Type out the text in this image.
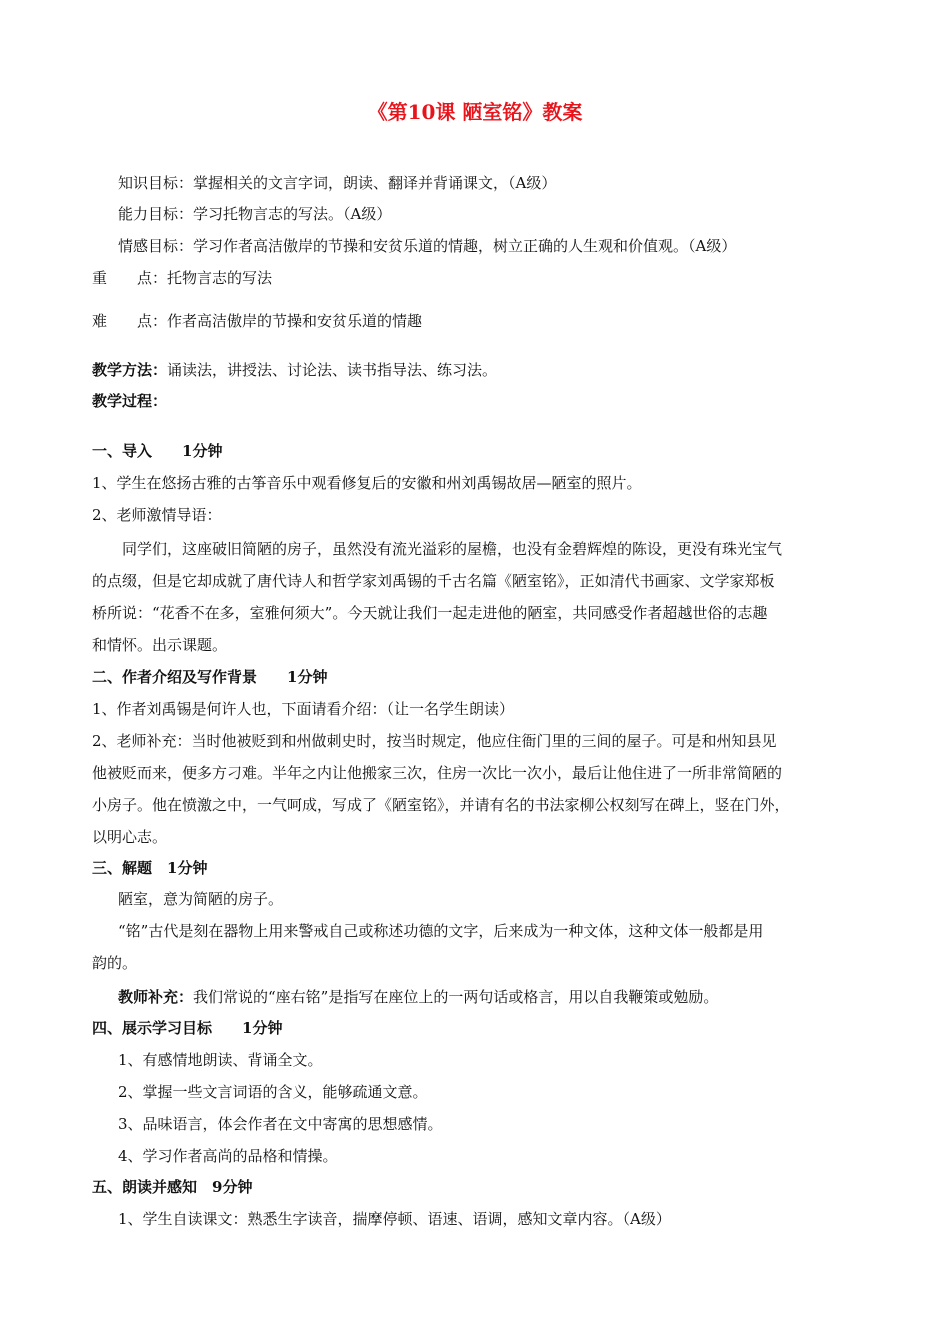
《第10课 陋室铭》教案
知识目标：掌握相关的文言字词，朗读、翻译并背诵课文，（A级）
能力目标：学习托物言志的写法。（A级）
情感目标：学习作者高洁傲岸的节操和安贫乐道的情趣，树立正确的人生观和价值观。（A级）
重　　点：托物言志的写法
难　　点：作者高洁傲岸的节操和安贫乐道的情趣
教学方法：诵读法，讲授法、讨论法、读书指导法、练习法。
教学过程：
一、导入　　1分钟
1、学生在悠扬古雅的古筝音乐中观看修复后的安徽和州刘禹锡故居—陋室的照片。
2、老师激情导语：
同学们，这座破旧简陋的房子，虽然没有流光溢彩的屋檐，也没有金碧辉煌的陈设，更没有珠光宝气
的点缀，但是它却成就了唐代诗人和哲学家刘禹锡的千古名篇《陋室铭》，正如清代书画家、文学家郑板
桥所说：“花香不在多，室雅何须大”。今天就让我们一起走进他的陋室，共同感受作者超越世俗的志趣
和情怀。出示课题。
二、作者介绍及写作背景　　1分钟
1、作者刘禹锡是何许人也，下面请看介绍：（让一名学生朗读）
2、老师补充：当时他被贬到和州做刺史时，按当时规定，他应住衙门里的三间的屋子。可是和州知县见
他被贬而来，便多方刁难。半年之内让他搬家三次，住房一次比一次小，最后让他住进了一所非常简陋的
小房子。他在愤激之中，一气呵成，写成了《陋室铭》，并请有名的书法家柳公权刻写在碑上，竖在门外，
以明心志。
三、解题　1分钟
陋室，意为简陋的房子。
“铭”古代是刻在器物上用来警戒自己或称述功德的文字，后来成为一种文体，这种文体一般都是用
韵的。
教师补充：我们常说的“座右铭”是指写在座位上的一两句话或格言，用以自我鞭策或勉励。
四、展示学习目标　　1分钟
1、有感情地朗读、背诵全文。
2、掌握一些文言词语的含义，能够疏通文意。
3、品味语言，体会作者在文中寄寓的思想感情。
4、学习作者高尚的品格和情操。
五、朗读并感知　9分钟
1、学生自读课文：熟悉生字读音，揣摩停顿、语速、语调，感知文章内容。（A级）
